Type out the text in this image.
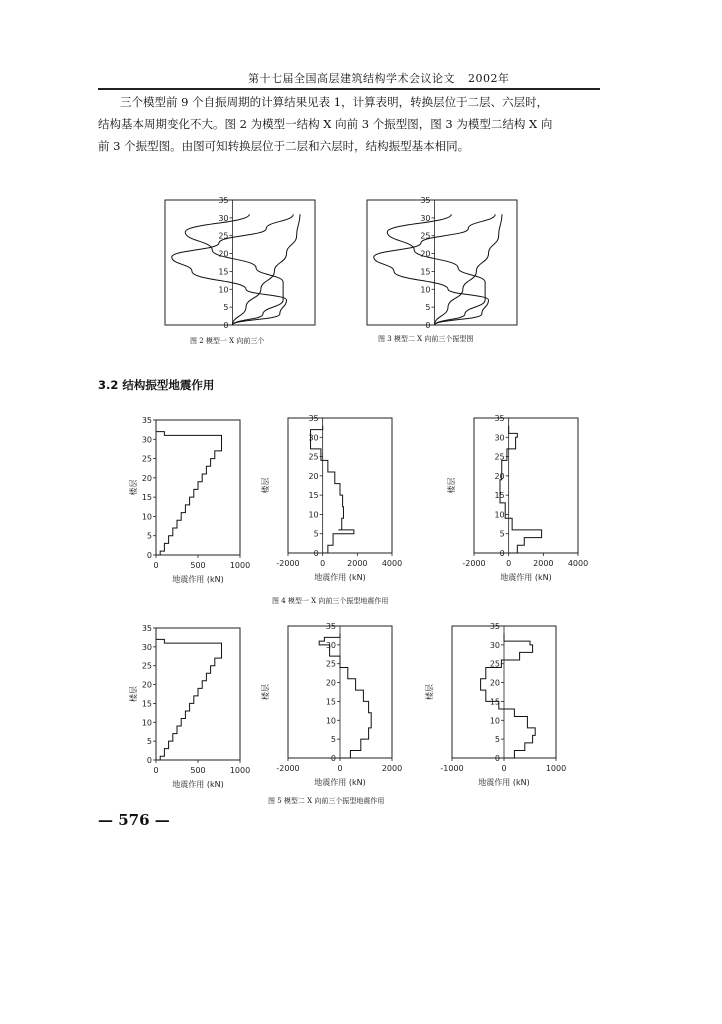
第十七届全国高层建筑结构学术会议论文 2002年
三个模型前 9 个自振周期的计算结果见表 1，计算表明，转换层位于二层、六层时，
结构基本周期变化不大。图 2 为模型一结构 X 向前 3 个振型图，图 3 为模型二结构 X 向
前 3 个振型图。由图可知转换层位于二层和六层时，结构振型基本相同。
0
5
10
15
20
25
30
35
0
5
10
15
20
25
30
35
图 2 模型一 X 向前三个	图 3 模型二 X 向前三个振型图
3.2 结构振型地震作用
0
5
10
15
20
25
30
35
0	500	1000
地震作用 (kN)
楼层
0
5
10
15
20
25
30
35
-2000	0	2000 4000
地震作用 (kN)
楼层
0
5
10
15
20
25
30
35
-2000	0	2000 4000
地震作用 (kN)
楼层
图 4 模型一 X 向前三个振型地震作用
0
5
10
15
20
25
30
35
0	500	1000
地震作用 (kN)
楼层
0
5
10
15
20
25
30
35
-2000	0	2000
地震作用 (kN)
楼层
0
5
10
15
20
25
30
35
-1000	0	1000
地震作用 (kN)
楼层
图 5 模型二 X 向前三个振型地震作用
— 576 —
